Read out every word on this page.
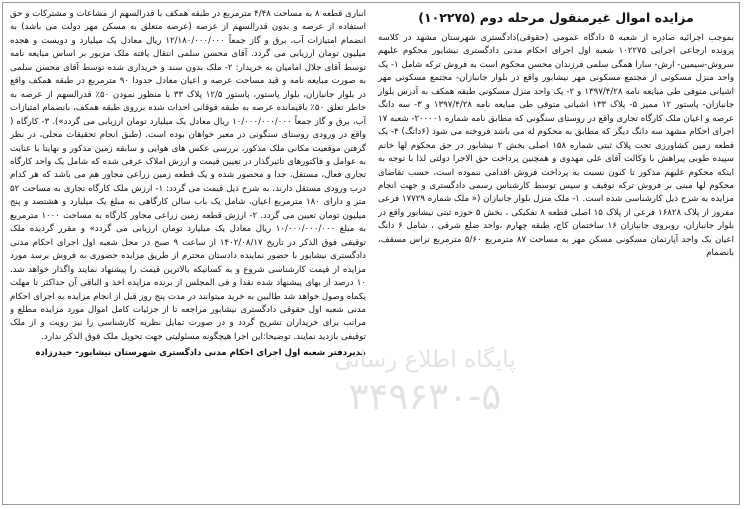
مزایده اموال غیرمنقول مرحله دوم (۱۰۲۲۷۵)

بموجب اجرائیه صادره از شعبه ۵ دادگاه عمومی (حقوقی)دادگستری شهرستان مشهد در کلاسه پرونده ارجاعی اجرایی ۱۰۲۲۷۵ شعبه اول اجرای احکام مدنی دادگستری نیشابور محکوم علیهم سروش-سیمین- ارش- سارا همگی سلمی فرزندان محسن محکوم است به فروش ترکه شامل ۱- یک واحد منزل مسکونی از مجتمع مسکونی مهر نیشابور واقع در بلوار جانبازان- مجتمع مسکونی مهر اشیانی متوفی طی مبایعه نامه ۱۳۹۷/۴/۲۸ و ۲- یک واحد منزل مسکونی طبقه همکف به آدرس بلوار جانبازان- پاستور ۱۲ ممیز ۵- پلاک ۱۳۳ اشیانی متوفی طی مبایعه نامه ۱۳۹۷/۴/۲۸ و ۳- سه دانگ عرصه و اعیان ملک کارگاه تجاری واقع در روستای سنگونی که مطابق نامه شماره ۲۰۰۰۰۱- شعبه ۱۷ اجرای احکام مشهد سه دانگ دیگر که مطابق به محکوم له می باشد فروخته می شود (۶دانگ) ۴- یک قطعه زمین کشاورزی تحت پلاک ثبتی شماره ۱۵۸ اصلی بخش ۲ نیشابور در حق محکوم لها خانم سپیده طوبی پیراهش با وکالت آقای علی مهدوی و همچنین پرداخت حق الاجرا دولتی لذا با توجه به اینکه محکوم علیهم مذکور تا کنون نسبت به پرداخت فروش اقدامی ننموده است، حسب تقاضای محکوم لها مبنی بر فروش ترکه توقیف و سپس توسط کارشناس رسمی دادگستری و جهت انجام مزایده به شرح ذیل کارشناسی شده است. ۱- ملک منزل بلوار جانبازان (« ملک شماره ۱۷۷۲۹ فرعی مفروز از پلاک ۱۶۸۲۸ فرعی از پلاک ۱۵ اصلی قطعه ۸ تفکیکی ، بخش ۵ حوزه ثبتی نیشابور واقع در بلوار جانبازان، روبروی جانبازان ۱۶ ساختمان کاج، طبقه چهارم ،واحد ضلع شرقی ، شامل ۶ دانگ اعیان یک واحد آپارتمان مسکونی مسکن مهر به مساحت ۸۷ مترمربع ۵/۶۰ مترمربع تراس مسقف، بانضمام

انباری قطعه ۸ به مساحت ۴/۴۸ مترمربع در طبقه همکف با قدرالسهم از مشاعات و مشترکات و حق استفاده از عرصه و بدون قدرالسهم از عرصه (عرصه متعلق به مسکن مهر دولت می باشد) به انضمام امتیازات آب، برق و گاز جمعاً ۱۲/۱۸۰/۰۰۰/۰۰۰ ریال معادل یک میلیارد و دویست و هجده میلیون تومان ارزیابی می گردد. آقای محسن سلمی انتقال یافته ملک مزبور بر اساس مبایعه نامه توسط آقای جلال امامیان به خریدار: ۲- ملک بدون سند و خریداری شده توسط آقای محسن سلمی به صورت مبایعه نامه و قید مساحت عرصه و اعیان معادل حدودا ۹۰ مترمربع در طبقه همکف واقع در بلوار جانبازان، بلوار پاستور، پاستور ۱۲/۵ پلاک ۳۳ با منظور نمودن ۵۰٪ قدرالسهم از عرصه به خاطر تعلق ۵۰٪ باقیمانده عرصه به طبقه فوقانی احداث شده برروی طبقه همکف، بانضمام امتیازات آب، برق و گاز جمعاً ۱۰/۰۰۰/۰۰۰/۰۰۰ ریال معادل یک میلیارد تومان ارزیابی می گردد»). ۳- کارگاه ( واقع در ورودی روستای سنگونی در معبر خواهان بوده است. (طبق انجام تحقیقات محلی، در نظر گرفتن موقعیت مکانی ملک مذکور، بررسی عکس های هوایی و سابقه زمین مذکور و نهایتا با عنایت به عوامل و فاکتورهای تاثیرگذار در تعیین قیمت و ارزش املاک عرفی شده که شامل یک واحد کارگاه تجاری فعال، مستقل، جدا و محصور شده و یک قطعه زمین زراعی مجاور هم می باشد که هر کدام درب ورودی مستقل دارند، به شرح ذیل قیمت می گردد: ۱- ارزش ملک کارگاه تجاری به مساحت ۵۲ متر و دارای ۱۸۰ مترمربع اعیان، شامل یک باب سالن کارگاهی به مبلغ یک میلیارد و هشتصد و پنج میلیون تومان تعیین می گردد. ۲- ارزش قطعه زمین زراعی مجاور کارگاه به مساحت ۱۰۰۰ مترمربع به مبلغ ۱۰/۰۰۰/۰۰۰/۰۰۰ ریال معادل یک میلیارد تومان ارزیابی می گردد» و مقرر گردیده ملک توقیفی فوق الذکر در تاریخ ۱۴۰۲/۰۸/۱۷ از ساعت ۹ صبح در محل شعبه اول اجرای احکام مدنی دادگستری نیشابور با حضور نماینده دادستان محترم از طریق مزایده حضوری به فروش برسد مورد مزایده از قیمت کارشناسی شروع و به کسانیکه بالاترین قیمت را پیشنهاد نمایند واگذار خواهد شد. ۱۰ درصد از بهای پیشنهاد شده نقدا و فی المجلس از برنده مزایده اخذ و الباقی آن حداکثر تا مهلت یکماه وصول خواهد شد طالبین به خرید میتوانند در مدت پنج روز قبل از انجام مزایده به اجرای احکام مدنی شعبه اول حقوقی دادگستری نیشابور مراجعه تا از جزئیات کامل اموال مورد مزایده مطلع و مراتب برای خریداران تشریح گردد و در صورت تمایل نظریه کارشناسی را نیز رویت و از ملک توقیفی بازدید نمایند. توضیحا:این اجرا هیچگونه مسئولیتی جهت تحویل ملک فوق الذکر ندارد.

مدیردفتر شعبه اول اجرای احکام مدنی دادگستری شهرستان نیشابور- حیدرزاده
پایگاه اطلاع رسانی
۳۴۹۶۳۰-۵
